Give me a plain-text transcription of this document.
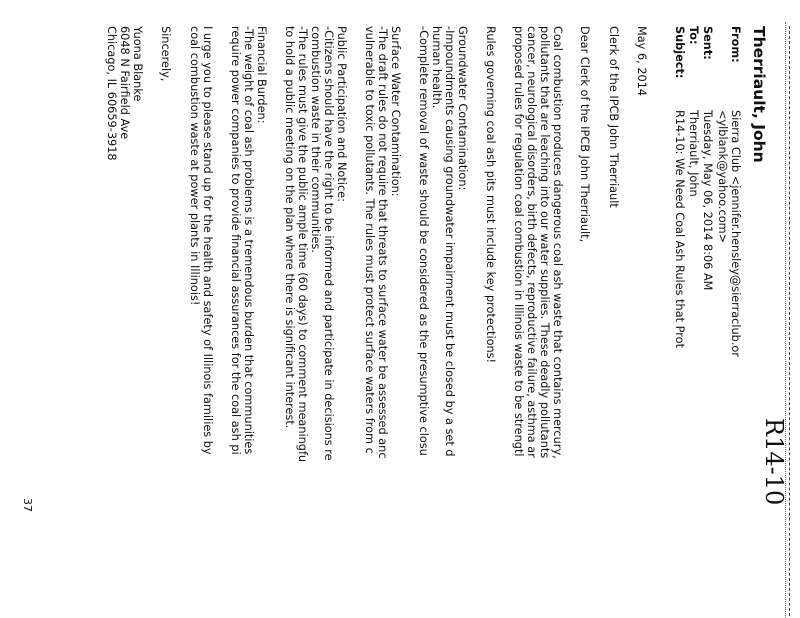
R14-10
Therriault, John
From:
Sierra Club <jennifer.hensley@sierraclub.or
<ylblank@yahoo.com>
Sent:
Tuesday, May 06, 2014 8:06 AM
To:
Therriault, John
Subject:
R14-10: We Need Coal Ash Rules that Prot
May 6, 2014
Clerk of the IPCB John Therriault
Dear Clerk of the IPCB John Therriault,
Coal combustion produces dangerous coal ash waste that contains mercury,
pollutants that are leaching into our water supplies. These deadly pollutants
cancer, neurological disorders, birth defects, reproductive failure, asthma ar
proposed rules for regulation coal combustion in Illinois waste to be strengtl
Rules governing coal ash pits must include key protections!
Groundwater Contamination:
-Impoundments causing groundwater impairment must be closed by a set d
human health.
-Complete removal of waste should be considered as the presumptive closu
Surface Water Contamination:
-The draft rules do not require that threats to surface water be assessed anc
vulnerable to toxic pollutants. The rules must protect surface waters from c
Public Participation and Notice:
-Citizens should have the right to be informed and participate in decisions re
combustion waste in their communities.
-The rules must give the public ample time (60 days) to comment meaningfu
to hold a public meeting on the plan where there is significant interest.
Financial Burden:
-The weight of coal ash problems is a tremendous burden that communities
require power companies to provide financial assurances for the coal ash pi
I urge you to please stand up for the health and safety of Illinois families by
coal combustion waste at power plants in Illinois!
Sincerely,
Yuona Blanke
6048 N Fairfield Ave
Chicago, IL 60659-3918
37
